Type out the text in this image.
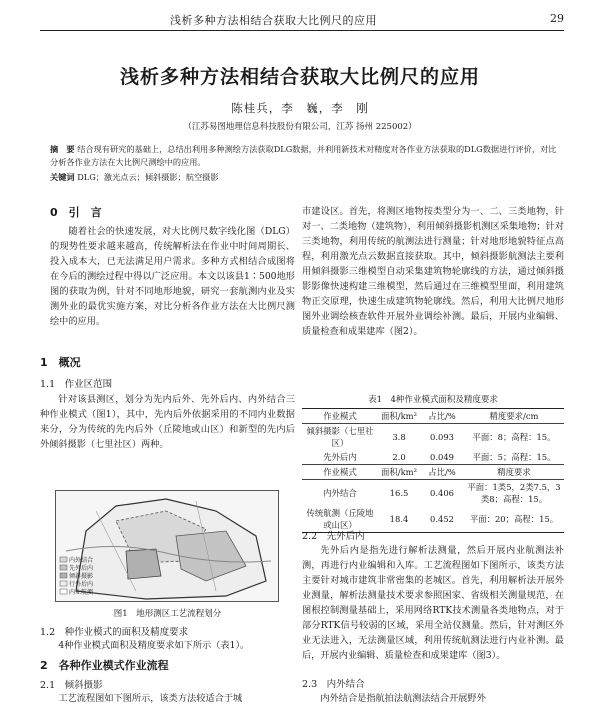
浅析多种方法相结合获取大比例尺的应用	29
浅析多种方法相结合获取大比例尺的应用
陈桂兵，李　巍，李　刚
（江苏易图地理信息科技股份有限公司，江苏 扬州 225002）
摘　要 结合现有研究的基础上，总结出利用多种测绘方法获取DLG数据，并利用新技术对精度对各作业方法获取的DLG数据进行评价，对比分析各作业方法在大比例尺测绘中的应用。
关键词 DLG；激光点云；倾斜摄影；航空摄影
0　引　言

随着社会的快速发展，对大比例尺数字线化图（DLG）的现势性要求越来越高，传统解析法在作业中时间周期长、投入成本大，已无法满足用户需求。多种方式相结合成图将在今后的测绘过程中得以广泛应用。本文以该县1∶500地形图的获取为例，针对不同地形地貌，研究一套航测内业及实测外业的最优实施方案，对比分析各作业方法在大比例尺测绘中的应用。

1　概况
1.1　作业区范围

针对该县测区，划分为先内后外、先外后内、内外结合三种作业模式（图1），其中，先内后外依据采用的不同内业数据来分，分为传统的先内后外（丘陵地或山区）和新型的先内后外倾斜摄影（七里社区）两种。

内外结合
先外后内
倾斜摄影
行外后内
内业航测
图1　地形测区工艺流程划分
1.2　种作业模式的面积及精度要求

4种作业模式面积及精度要求如下所示（表1）。

2　各种作业模式作业流程
2.1　倾斜摄影

工艺流程图如下图所示，该类方法较适合于城

市建设区。首先，将测区地物按类型分为一、二、三类地物，针对一、二类地物（建筑物），利用倾斜摄影机测区采集地物；针对三类地物，利用传统的航测法进行测量；针对地形地貌特征点高程，利用激光点云数据直接获取。其中，倾斜摄影航测法主要利用倾斜摄影三维模型自动采集建筑物轮廓线的方法，通过倾斜摄影影像快速构建三维模型，然后通过在三维模型里面，利用建筑物正交原理，快速生成建筑物轮廓线。然后，利用大比例尺地形图外业调绘核查软件开展外业调绘补测。最后，开展内业编辑、质量检查和成果建库（图2）。

表1　4种作业模式面积及精度要求
作业模式	面积/km²	占比/%	精度要求/cm
倾斜摄影（七里社区）	3.8	0.093	平面：8；高程：15。
先外后内	2.0	0.049	平面：5；高程：15。
作业模式	面积/km²	占比/%	精度要求
内外结合	16.5	0.406	平面：1类5，2类7.5，3类8；高程：15。
传统航测（丘陵地或山区）	18.4	0.452	平面：20；高程：15。
2.2　先外后内

先外后内是指先进行解析法测量，然后开展内业航测法补测，再进行内业编辑和入库。工艺流程图如下图所示，该类方法主要针对城市建筑非常密集的老城区。首先，利用解析法开展外业测量，解析法测量技术要求参照困家、省级相关测量规范，在图根控制测量基础上，采用网络RTK技术测量各类地物点，对于部分RTK信号较弱的区域，采用全站仪测量。然后，针对测区外业无法进入，无法测量区域，利用传统航测法进行内业补测。最后，开展内业编辑、质量检查和成果建库（图3）。

2.3　内外结合

内外结合是指航拍法航测法结合开展野外
